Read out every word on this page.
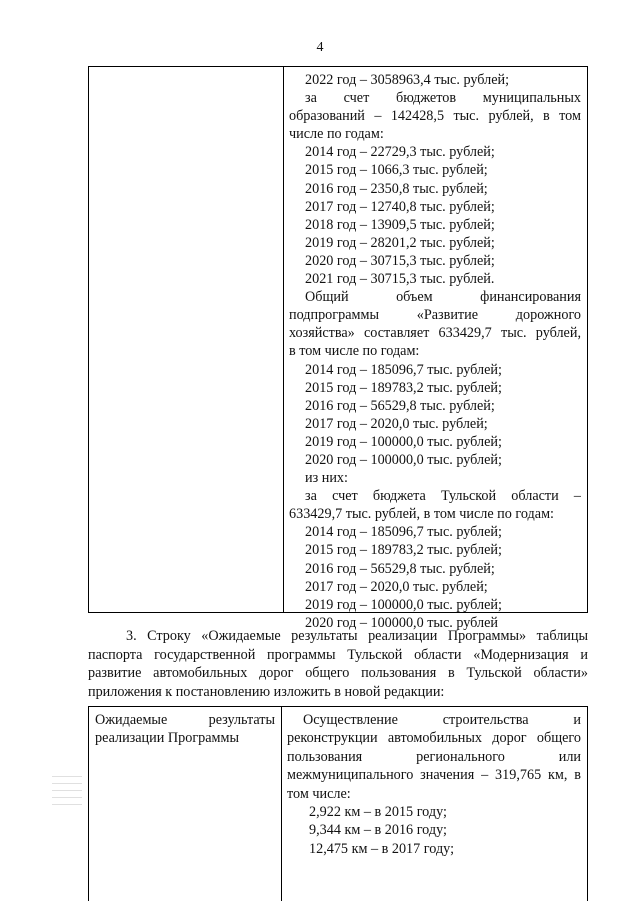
4
2022 год – 3058963,4 тыс. рублей;
за счет бюджетов муниципальных
образований – 142428,5 тыс. рублей, в том
числе по годам:
2014 год – 22729,3 тыс. рублей;
2015 год – 1066,3 тыс. рублей;
2016 год – 2350,8 тыс. рублей;
2017 год – 12740,8 тыс. рублей;
2018 год – 13909,5 тыс. рублей;
2019 год – 28201,2 тыс. рублей;
2020 год – 30715,3 тыс. рублей;
2021 год – 30715,3 тыс. рублей.
Общий объем финансирования
подпрограммы «Развитие дорожного
хозяйства» составляет 633429,7 тыс. рублей,
в том числе по годам:
2014 год – 185096,7 тыс. рублей;
2015 год – 189783,2 тыс. рублей;
2016 год – 56529,8 тыс. рублей;
2017 год – 2020,0 тыс. рублей;
2019 год – 100000,0 тыс. рублей;
2020 год – 100000,0 тыс. рублей;
из них:
за счет бюджета Тульской области –
633429,7 тыс. рублей, в том числе по годам:
2014 год – 185096,7 тыс. рублей;
2015 год – 189783,2 тыс. рублей;
2016 год – 56529,8 тыс. рублей;
2017 год – 2020,0 тыс. рублей;
2019 год – 100000,0 тыс. рублей;
2020 год – 100000,0 тыс. рублей
3. Строку «Ожидаемые результаты реализации Программы» таблицы
паспорта государственной программы Тульской области «Модернизация и
развитие автомобильных дорог общего пользования в Тульской области»
приложения к постановлению изложить в новой редакции:
Ожидаемые результаты
реализации Программы
Осуществление строительства и
реконструкции автомобильных дорог общего
пользования регионального или
межмуниципального значения – 319,765 км, в
том числе:
2,922 км – в 2015 году;
9,344 км – в 2016 году;
12,475 км – в 2017 году;
